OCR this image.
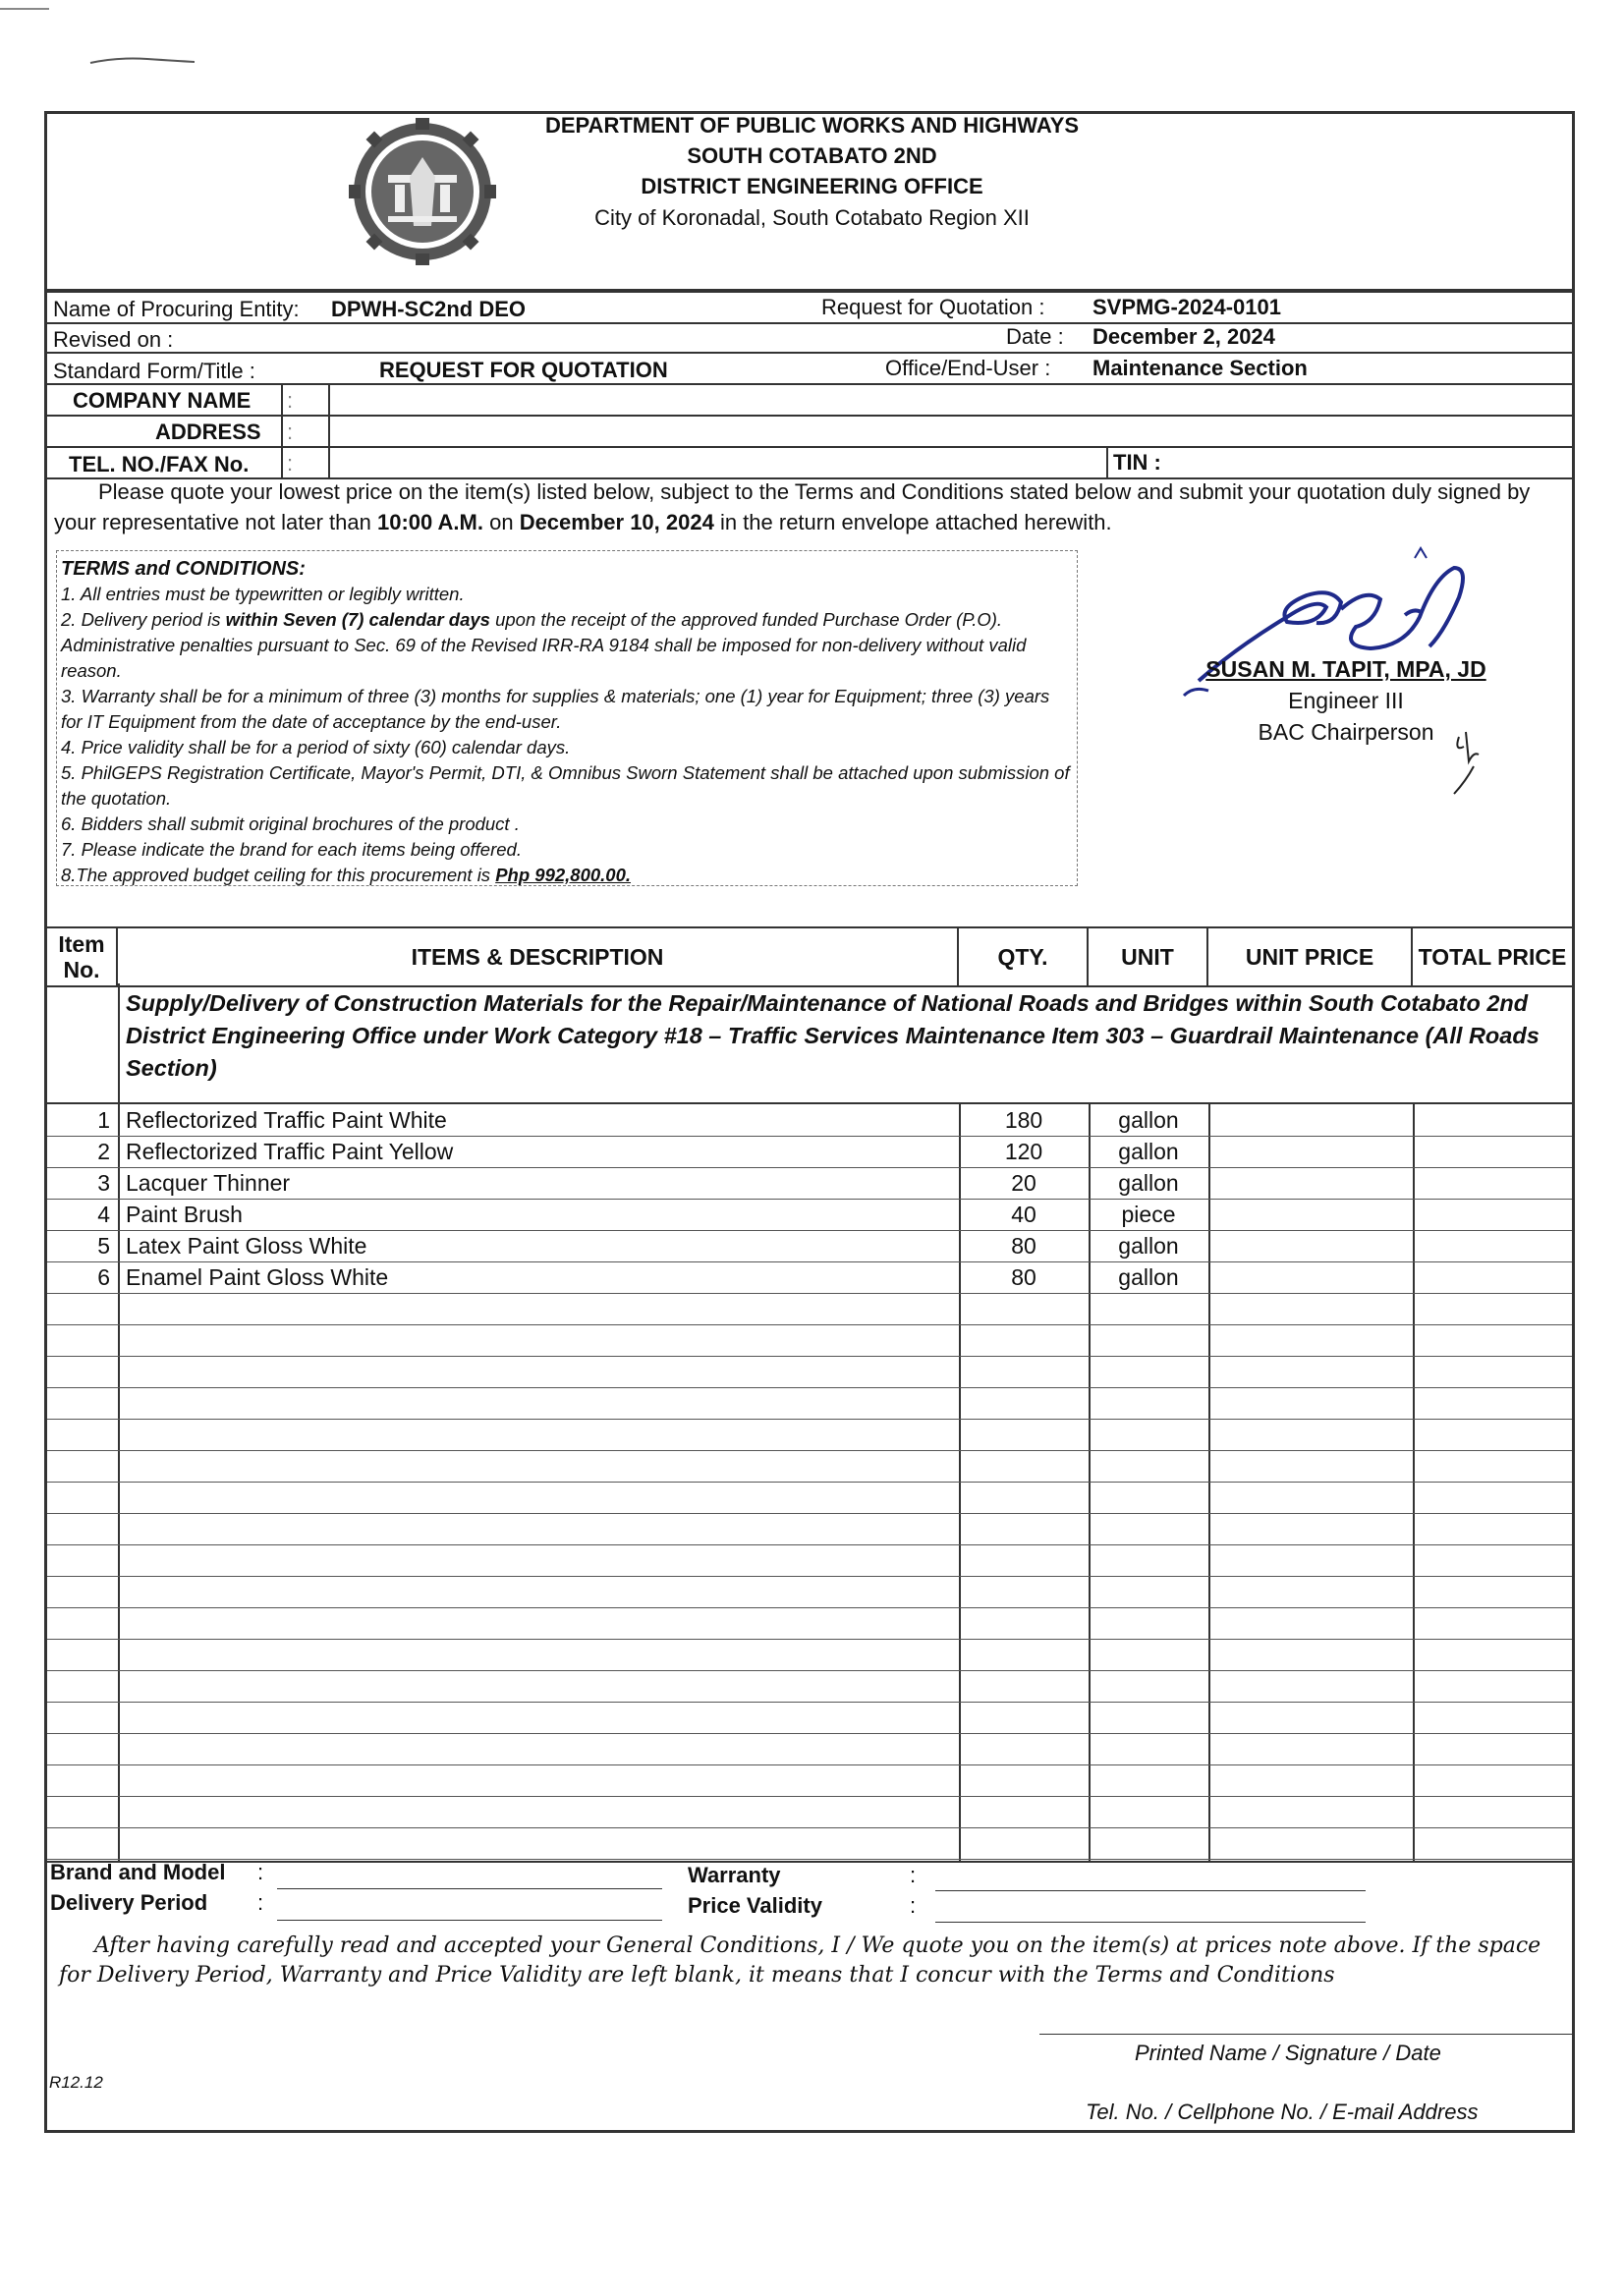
DEPARTMENT OF PUBLIC WORKS AND HIGHWAYS
SOUTH COTABATO 2ND
DISTRICT ENGINEERING OFFICE
City of Koronadal, South Cotabato Region XII
Name of Procuring Entity: DPWH-SC2nd DEO	Request for Quotation : SVPMG-2024-0101
Revised on :	Date : December 2, 2024
Standard Form/Title :	REQUEST FOR QUOTATION	Office/End-User : Maintenance Section
COMPANY NAME :
ADDRESS :
TEL. NO./FAX No. :	TIN :
Please quote your lowest price on the item(s) listed below, subject to the Terms and Conditions stated below and submit your quotation duly signed by your representative not later than 10:00 A.M. on December 10, 2024 in the return envelope attached herewith.
TERMS and CONDITIONS:
1. All entries must be typewritten or legibly written.
2. Delivery period is within Seven (7) calendar days upon the receipt of the approved funded Purchase Order (P.O). Administrative penalties pursuant to Sec. 69 of the Revised IRR-RA 9184 shall be imposed for non-delivery without valid reason.
3. Warranty shall be for a minimum of three (3) months for supplies & materials; one (1) year for Equipment; three (3) years for IT Equipment from the date of acceptance by the end-user.
4. Price validity shall be for a period of sixty (60) calendar days.
5. PhilGEPS Registration Certificate, Mayor's Permit, DTI, & Omnibus Sworn Statement shall be attached upon submission of the quotation.
6. Bidders shall submit original brochures of the product .
7. Please indicate the brand for each items being offered.
8.The approved budget ceiling for this procurement is Php 992,800.00.
SUSAN M. TAPIT, MPA, JD
Engineer III
BAC Chairperson
Item No.
ITEMS & DESCRIPTION	QTY.	UNIT	UNIT PRICE	TOTAL PRICE
Supply/Delivery of Construction Materials for the Repair/Maintenance of National Roads and Bridges within South Cotabato 2nd District Engineering Office under Work Category #18 – Traffic Services Maintenance Item 303 – Guardrail Maintenance (All Roads Section)
1 Reflectorized Traffic Paint White	180	gallon
2 Reflectorized Traffic Paint Yellow	120	gallon
3 Lacquer Thinner	20	gallon
4 Paint Brush	40	piece
5 Latex Paint Gloss White	80	gallon
6 Enamel Paint Gloss White	80	gallon
Brand and Model :
Delivery Period :
Warranty	:
Price Validity	:
After having carefully read and accepted your General Conditions, I / We quote you on the item(s) at prices note above. If the space for Delivery Period, Warranty and Price Validity are left blank, it means that I concur with the Terms and Conditions
Printed Name / Signature / Date
Tel. No. / Cellphone No. / E-mail Address
R12.12
